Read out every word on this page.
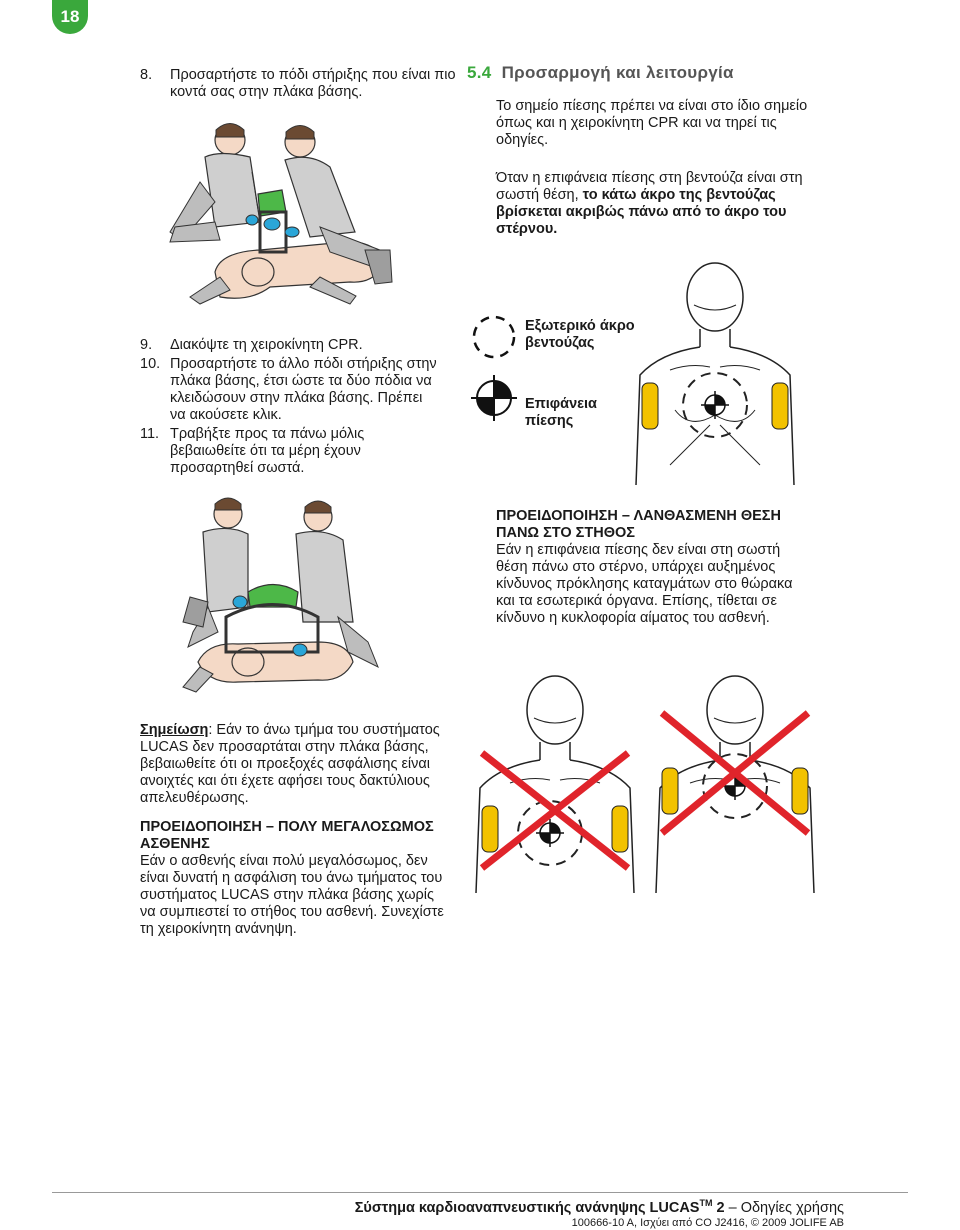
18
8. Προσαρτήστε το πόδι στήριξης που είναι πιο κοντά σας στην πλάκα βάσης.
9. Διακόψτε τη χειροκίνητη CPR.
10. Προσαρτήστε το άλλο πόδι στήριξης στην πλάκα βάσης, έτσι ώστε τα δύο πόδια να κλειδώσουν στην πλάκα βάσης. Πρέπει να ακούσετε κλικ.
11. Τραβήξτε προς τα πάνω μόλις βεβαιωθείτε ότι τα μέρη έχουν προσαρτηθεί σωστά.
Σημείωση: Εάν το άνω τμήμα του συστήματος LUCAS δεν προσαρτάται στην πλάκα βάσης, βεβαιωθείτε ότι οι προεξοχές ασφάλισης είναι ανοιχτές και ότι έχετε αφήσει τους δακτύλιους απελευθέρωσης.
ΠΡΟΕΙΔΟΠΟΙΗΣΗ – ΠΟΛΥ ΜΕΓΑΛΟΣΩΜΟΣ ΑΣΘΕΝΗΣ
Εάν ο ασθενής είναι πολύ μεγαλόσωμος, δεν είναι δυνατή η ασφάλιση του άνω τμήματος του συστήματος LUCAS στην πλάκα βάσης χωρίς να συμπιεστεί το στήθος του ασθενή. Συνεχίστε τη χειροκίνητη ανάνηψη.
5.4 Προσαρμογή και λειτουργία
Το σημείο πίεσης πρέπει να είναι στο ίδιο σημείο όπως και η χειροκίνητη CPR και να τηρεί τις οδηγίες.
Όταν η επιφάνεια πίεσης στη βεντούζα είναι στη σωστή θέση, το κάτω άκρο της βεντούζας βρίσκεται ακριβώς πάνω από το άκρο του στέρνου.
Εξωτερικό άκρο βεντούζας
Επιφάνεια πίεσης
ΠΡΟΕΙΔΟΠΟΙΗΣΗ – ΛΑΝΘΑΣΜΕΝΗ ΘΕΣΗ ΠΑΝΩ ΣΤΟ ΣΤΗΘΟΣ
Εάν η επιφάνεια πίεσης δεν είναι στη σωστή θέση πάνω στο στέρνο, υπάρχει αυξημένος κίνδυνος πρόκλησης καταγμάτων στο θώρακα και τα εσωτερικά όργανα. Επίσης, τίθεται σε κίνδυνο η κυκλοφορία αίματος του ασθενή.
Σύστημα καρδιοαναπνευστικής ανάνηψης LUCAS™ 2 – Οδηγίες χρήσης
100666-10 A, Ισχύει από CO J2416, © 2009 JOLIFE AB
